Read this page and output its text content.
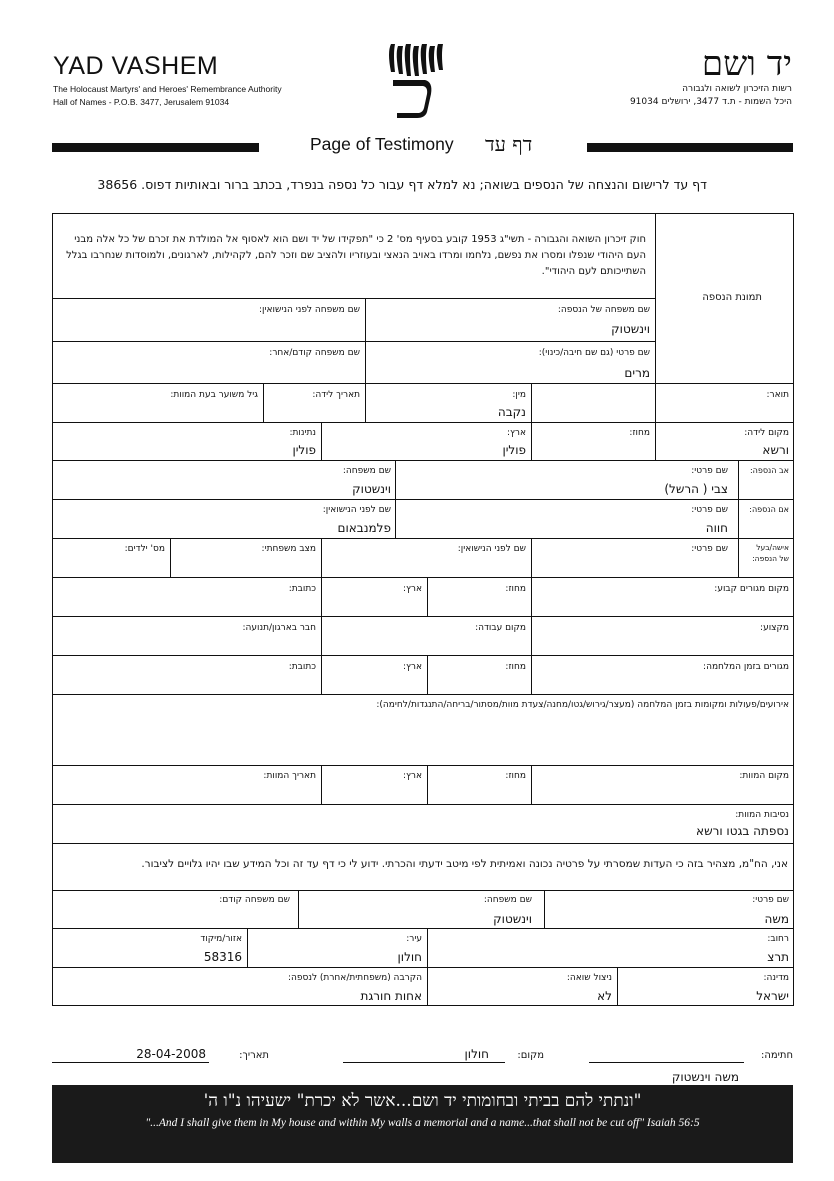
YAD VASHEM
The Holocaust Martyrs' and Heroes' Remembrance Authority
Hall of Names - P.O.B. 3477, Jerusalem 91034
יד ושם
רשות הזיכרון לשואה ולגבורה
היכל השמות - ת.ד 3477, ירושלים 91034
Page of Testimony דף עד
דף עד לרישום והנצחה של הנספים בשואה; נא למלא דף עבור כל נספה בנפרד, בכתב ברור ובאותיות דפוס. 38656
חוק זיכרון השואה והגבורה - תשי"ג 1953 קובע בסעיף מס' 2 כי "תפקידו של יד ושם הוא לאסוף אל המולדת את זכרם של כל אלה מבני העם היהודי שנפלו ומסרו את נפשם, נלחמו ומרדו באויב הנאצי ובעוזריו ולהציב שם וזכר להם, לקהילות, לארגונים, ולמוסדות שנחרבו בגלל השתייכותם לעם היהודי".
תמונת הנספה
שם משפחה של הנספה:
וינשטוק
שם משפחה לפני הנישואין:
שם פרטי (גם שם חיבה/כינוי):
מרים
שם משפחה קודם/אחר:
תואר:
מין:
נקבה
תאריך לידה:
גיל משוער בעת המוות:
מקום לידה:
ורשא
מחוז:
ארץ:
פולין
נתינות:
פולין
אב הנספה:
שם פרטי:
צבי ( הרשל)
שם משפחה:
וינשטוק
אם הנספה:
שם פרטי:
חווה
שם לפני הנישואין:
פלמנבאום
אישה/בעל
של הנספה:
שם פרטי:
שם לפני הנישואין:
מצב משפחתי:
מס' ילדים:
מקום מגורים קבוע:
מחוז:
ארץ:
כתובת:
מקצוע:
מקום עבודה:
חבר בארגון/תנועה:
מגורים בזמן המלחמה:
מחוז:
ארץ:
כתובת:
אירועים/פעולות ומקומות בזמן המלחמה (מעצר/גירוש/גטו/מחנה/צעדת מוות/מסתור/בריחה/התנגדות/לחימה):
מקום המוות:
מחוז:
ארץ:
תאריך המוות:
נסיבות המוות:
נספתה בגטו ורשא
אני, הח"מ, מצהיר בזה כי העדות שמסרתי על פרטיה נכונה ואמיתית לפי מיטב ידעתי והכרתי. ידוע לי כי דף עד זה וכל המידע שבו יהיו גלויים לציבור.
שם פרטי:
משה
שם משפחה:
וינשטוק
שם משפחה קודם:
רחוב:
תרצ
עיר:
חולון
אזור/מיקוד
58316
מדינה:
ישראל
ניצול שואה:
לא
הקרבה (משפחתית/אחרת) לנספה:
אחות חורגת
חתימה:
מקום:
חולון
תאריך:
28-04-2008
משה וינשטוק
"ונתתי להם בביתי ובחומותי יד ושם...אשר לא יכרת" ישעיהו נ"ו ה'
"...And I shall give them in My house and within My walls a memorial and a name...that shall not be cut off" Isaiah 56:5
